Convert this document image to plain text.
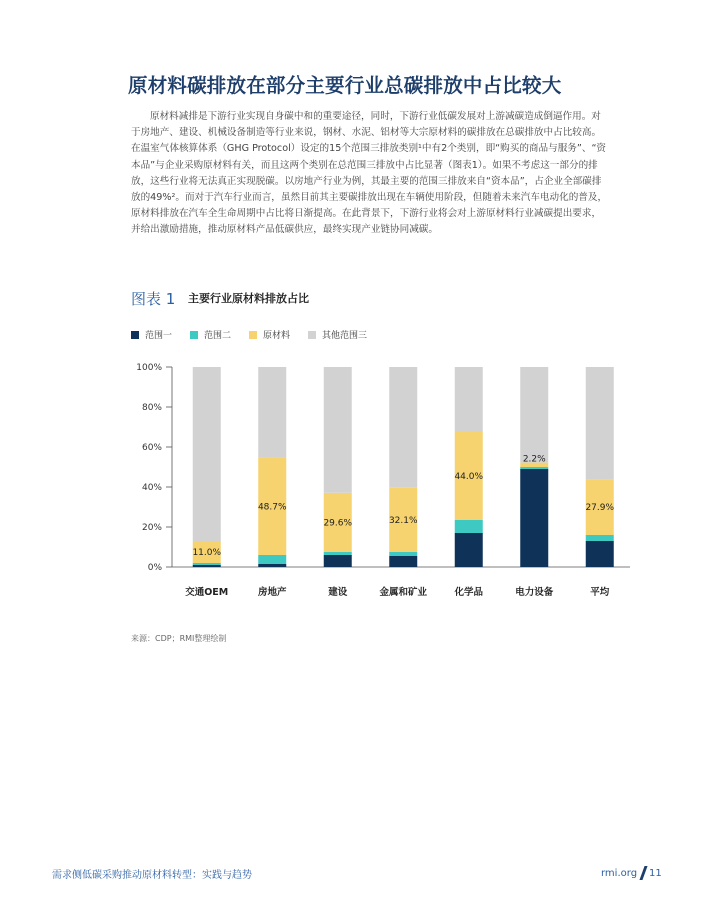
原材料碳排放在部分主要行业总碳排放中占比较大
原材料减排是下游行业实现自身碳中和的重要途径，同时，下游行业低碳发展对上游减碳造成倒逼作用。对
于房地产、建设、机械设备制造等行业来说，钢材、水泥、铝材等大宗原材料的碳排放在总碳排放中占比较高。
在温室气体核算体系（GHG Protocol）设定的15个范围三排放类别¹中有2个类别，即“购买的商品与服务”、“资
本品”与企业采购原材料有关，而且这两个类别在总范围三排放中占比显著（图表1）。如果不考虑这一部分的排
放，这些行业将无法真正实现脱碳。以房地产行业为例，其最主要的范围三排放来自“资本品”，占企业全部碳排
放的49%²。而对于汽车行业而言，虽然目前其主要碳排放出现在车辆使用阶段，但随着未来汽车电动化的普及，
原材料排放在汽车全生命周期中占比将日渐提高。在此背景下，下游行业将会对上游原材料行业减碳提出要求，
并给出激励措施，推动原材料产品低碳供应，最终实现产业链协同减碳。
图表 1 主要行业原材料排放占比
范围一	范围二	原材料	其他范围三
0%
20%
40%
60%
80%
100%
11.0%
交通OEM
48.7%
房地产
29.6%
建设
32.1%
金属和矿业
44.0%
化学品
2.2%
电力设备
27.9%
平均
来源：CDP；RMI整理绘制
需求侧低碳采购推动原材料转型：实践与趋势	rmi.org 11
